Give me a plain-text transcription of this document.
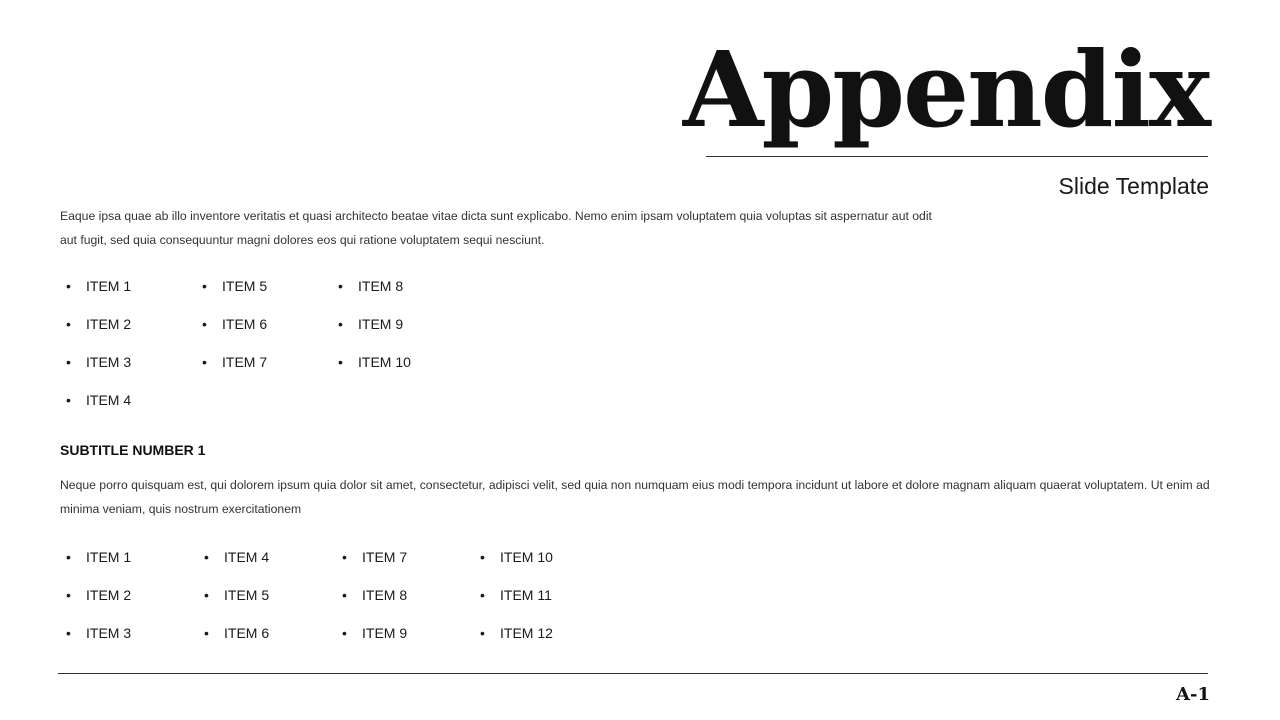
Appendix
Slide Template

Eaque ipsa quae ab illo inventore veritatis et quasi architecto beatae vitae dicta sunt explicabo. Nemo enim ipsam voluptatem quia voluptas sit aspernatur aut odit aut fugit, sed quia consequuntur magni dolores eos qui ratione voluptatem sequi nesciunt.

• ITEM 1
• ITEM 2
• ITEM 3
• ITEM 4
• ITEM 5
• ITEM 6
• ITEM 7
• ITEM 8
• ITEM 9
• ITEM 10
SUBTITLE NUMBER 1

Neque porro quisquam est, qui dolorem ipsum quia dolor sit amet, consectetur, adipisci velit, sed quia non numquam eius modi tempora incidunt ut labore et dolore magnam aliquam quaerat voluptatem. Ut enim ad minima veniam, quis nostrum exercitationem

• ITEM 1
• ITEM 2
• ITEM 3
• ITEM 4
• ITEM 5
• ITEM 6
• ITEM 7
• ITEM 8
• ITEM 9
• ITEM 10
• ITEM 11
• ITEM 12
A-1
